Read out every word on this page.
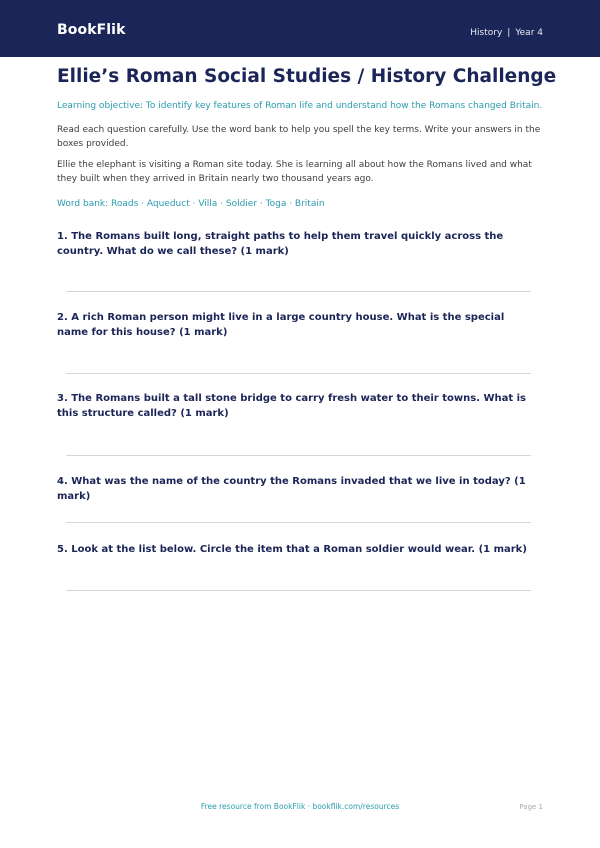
BookFlik	History | Year 4
Ellie’s Roman Social Studies / History Challenge

Learning objective: To identify key features of Roman life and understand how the Romans changed Britain.

Read each question carefully. Use the word bank to help you spell the key terms. Write your answers in the boxes provided.

Ellie the elephant is visiting a Roman site today. She is learning all about how the Romans lived and what they built when they arrived in Britain nearly two thousand years ago.

Word bank: Roads · Aqueduct · Villa · Soldier · Toga · Britain

1. The Romans built long, straight paths to help them travel quickly across the country. What do we call these? (1 mark)

2. A rich Roman person might live in a large country house. What is the special name for this house? (1 mark)

3. The Romans built a tall stone bridge to carry fresh water to their towns. What is this structure called? (1 mark)

4. What was the name of the country the Romans invaded that we live in today? (1 mark)

5. Look at the list below. Circle the item that a Roman soldier would wear. (1 mark)

Free resource from BookFlik · bookflik.com/resources	Page 1
